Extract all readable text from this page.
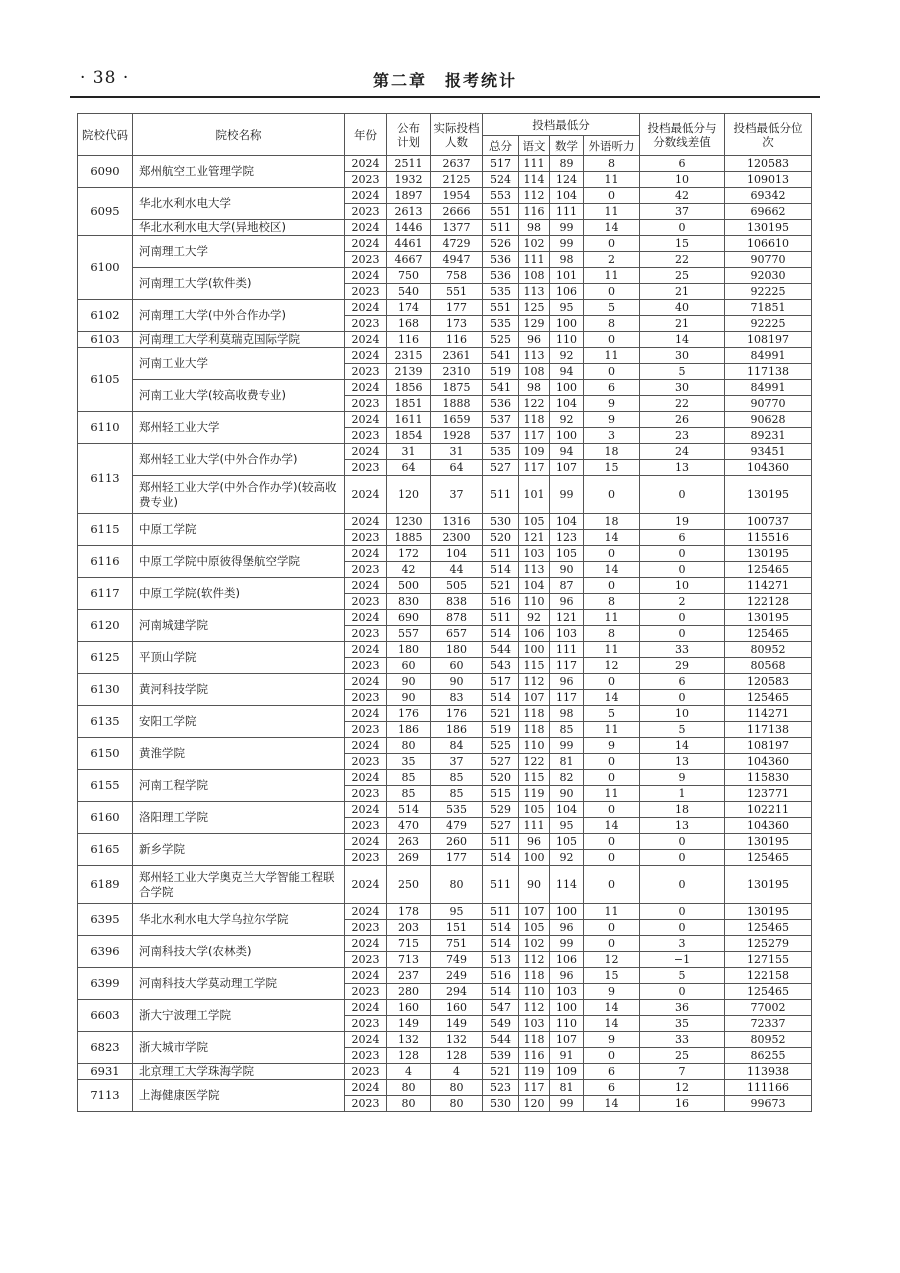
· 38 ·	第二章　报考统计
院校代码	院校名称	年份	公布计划	实际投档人数	投档最低分				投档最低分与分数线差值	投档最低分位次
					总分	语文	数学	外语听力		
6090	郑州航空工业管理学院	2024	2511	2637	517	111	89	8	6	120583
		2023	1932	2125	524	114	124	11	10	109013
6095	华北水利水电大学	2024	1897	1954	553	112	104	0	42	69342
		2023	2613	2666	551	116	111	11	37	69662
	华北水利水电大学(异地校区)	2024	1446	1377	511	98	99	14	0	130195
6100	河南理工大学	2024	4461	4729	526	102	99	0	15	106610
		2023	4667	4947	536	111	98	2	22	90770
	河南理工大学(软件类)	2024	750	758	536	108	101	11	25	92030
		2023	540	551	535	113	106	0	21	92225
6102	河南理工大学(中外合作办学)	2024	174	177	551	125	95	5	40	71851
		2023	168	173	535	129	100	8	21	92225
6103	河南理工大学利莫瑞克国际学院	2024	116	116	525	96	110	0	14	108197
6105	河南工业大学	2024	2315	2361	541	113	92	11	30	84991
		2023	2139	2310	519	108	94	0	5	117138
	河南工业大学(较高收费专业)	2024	1856	1875	541	98	100	6	30	84991
		2023	1851	1888	536	122	104	9	22	90770
6110	郑州轻工业大学	2024	1611	1659	537	118	92	9	26	90628
		2023	1854	1928	537	117	100	3	23	89231
6113	郑州轻工业大学(中外合作办学)	2024	31	31	535	109	94	18	24	93451
		2023	64	64	527	117	107	15	13	104360
	郑州轻工业大学(中外合作办学)(较高收费专业)	2024	120	37	511	101	99	0	0	130195
6115	中原工学院	2024	1230	1316	530	105	104	18	19	100737
		2023	1885	2300	520	121	123	14	6	115516
6116	中原工学院中原彼得堡航空学院	2024	172	104	511	103	105	0	0	130195
		2023	42	44	514	113	90	14	0	125465
6117	中原工学院(软件类)	2024	500	505	521	104	87	0	10	114271
		2023	830	838	516	110	96	8	2	122128
6120	河南城建学院	2024	690	878	511	92	121	11	0	130195
		2023	557	657	514	106	103	8	0	125465
6125	平顶山学院	2024	180	180	544	100	111	11	33	80952
		2023	60	60	543	115	117	12	29	80568
6130	黄河科技学院	2024	90	90	517	112	96	0	6	120583
		2023	90	83	514	107	117	14	0	125465
6135	安阳工学院	2024	176	176	521	118	98	5	10	114271
		2023	186	186	519	118	85	11	5	117138
6150	黄淮学院	2024	80	84	525	110	99	9	14	108197
		2023	35	37	527	122	81	0	13	104360
6155	河南工程学院	2024	85	85	520	115	82	0	9	115830
		2023	85	85	515	119	90	11	1	123771
6160	洛阳理工学院	2024	514	535	529	105	104	0	18	102211
		2023	470	479	527	111	95	14	13	104360
6165	新乡学院	2024	263	260	511	96	105	0	0	130195
		2023	269	177	514	100	92	0	0	125465
6189	郑州轻工业大学奥克兰大学智能工程联合学院	2024	250	80	511	90	114	0	0	130195
6395	华北水利水电大学乌拉尔学院	2024	178	95	511	107	100	11	0	130195
		2023	203	151	514	105	96	0	0	125465
6396	河南科技大学(农林类)	2024	715	751	514	102	99	0	3	125279
		2023	713	749	513	112	106	12	−1	127155
6399	河南科技大学莫动理工学院	2024	237	249	516	118	96	15	5	122158
		2023	280	294	514	110	103	9	0	125465
6603	浙大宁波理工学院	2024	160	160	547	112	100	14	36	77002
		2023	149	149	549	103	110	14	35	72337
6823	浙大城市学院	2024	132	132	544	118	107	9	33	80952
		2023	128	128	539	116	91	0	25	86255
6931	北京理工大学珠海学院	2023	4	4	521	119	109	6	7	113938
7113	上海健康医学院	2024	80	80	523	117	81	6	12	111166
		2023	80	80	530	120	99	14	16	99673
